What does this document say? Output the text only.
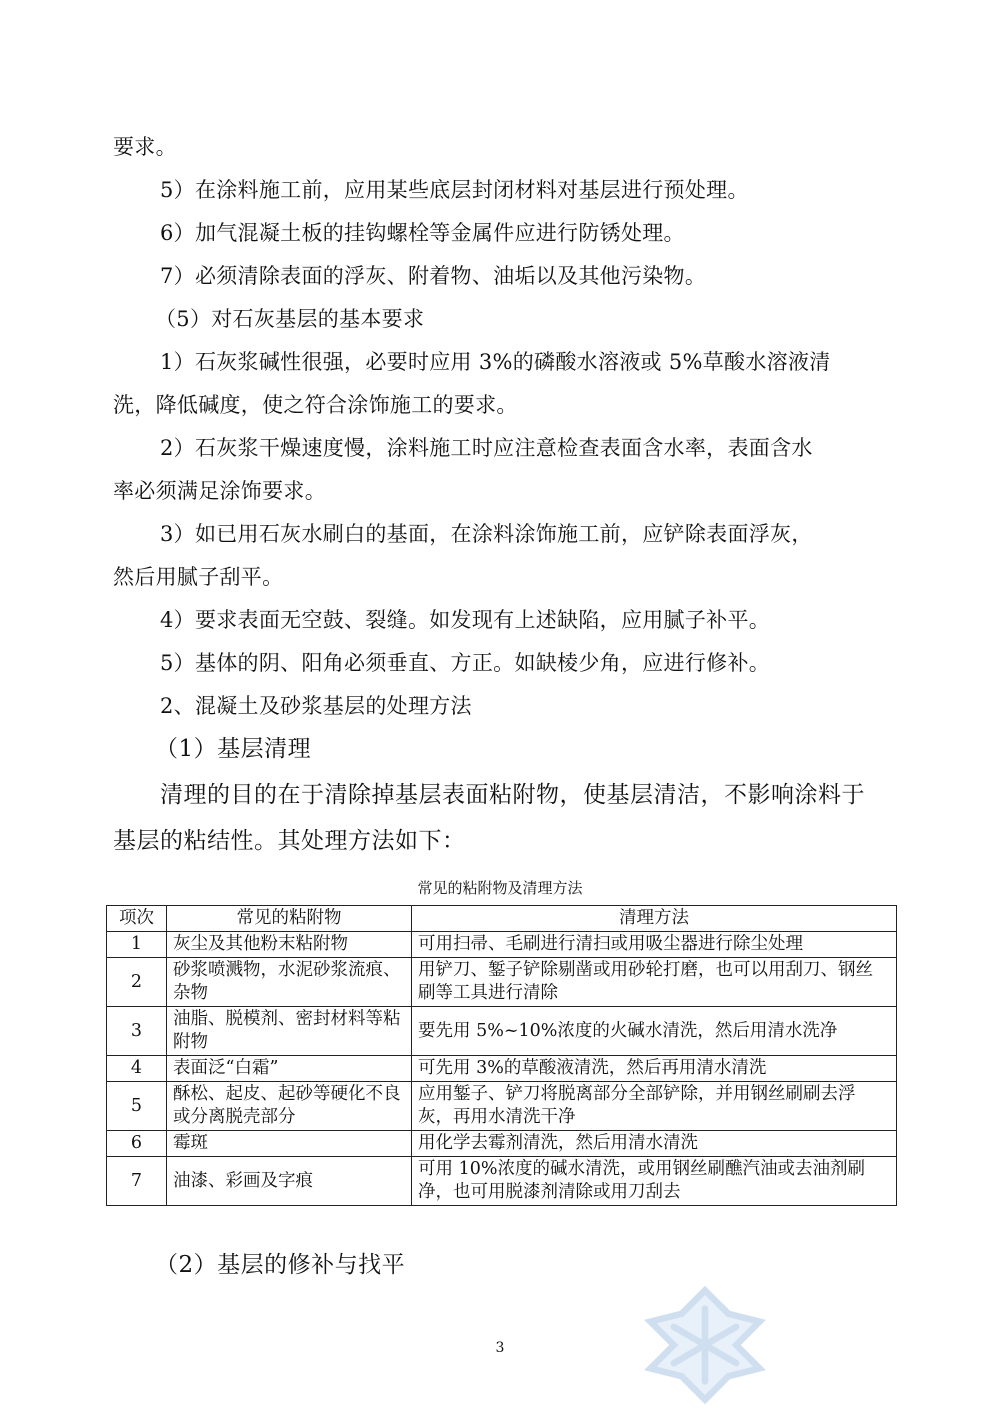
要求。
5）在涂料施工前，应用某些底层封闭材料对基层进行预处理。
6）加气混凝土板的挂钩螺栓等金属件应进行防锈处理。
7）必须清除表面的浮灰、附着物、油垢以及其他污染物。
（5）对石灰基层的基本要求
1）石灰浆碱性很强，必要时应用 3%的磷酸水溶液或 5%草酸水溶液清
洗，降低碱度，使之符合涂饰施工的要求。
2）石灰浆干燥速度慢，涂料施工时应注意检查表面含水率，表面含水
率必须满足涂饰要求。
3）如已用石灰水刷白的基面，在涂料涂饰施工前，应铲除表面浮灰，
然后用腻子刮平。
4）要求表面无空鼓、裂缝。如发现有上述缺陷，应用腻子补平。
5）基体的阴、阳角必须垂直、方正。如缺棱少角，应进行修补。
2、混凝土及砂浆基层的处理方法
（1）基层清理
清理的目的在于清除掉基层表面粘附物，使基层清洁，不影响涂料于
基层的粘结性。其处理方法如下：
常见的粘附物及清理方法
项次	常见的粘附物	清理方法
1	灰尘及其他粉末粘附物	可用扫帚、毛刷进行清扫或用吸尘器进行除尘处理
2	砂浆喷溅物，水泥砂浆流痕、杂物	用铲刀、錾子铲除剔凿或用砂轮打磨，也可以用刮刀、钢丝刷等工具进行清除
3	油脂、脱模剂、密封材料等粘附物	要先用 5%~10%浓度的火碱水清洗，然后用清水洗净
4	表面泛“白霜”	可先用 3%的草酸液清洗，然后再用清水清洗
5	酥松、起皮、起砂等硬化不良或分离脱壳部分	应用錾子、铲刀将脱离部分全部铲除，并用钢丝刷刷去浮灰，再用水清洗干净
6	霉斑	用化学去霉剂清洗，然后用清水清洗
7	油漆、彩画及字痕	可用 10%浓度的碱水清洗，或用钢丝刷醮汽油或去油剂刷净，也可用脱漆剂清除或用刀刮去
（2）基层的修补与找平
3
